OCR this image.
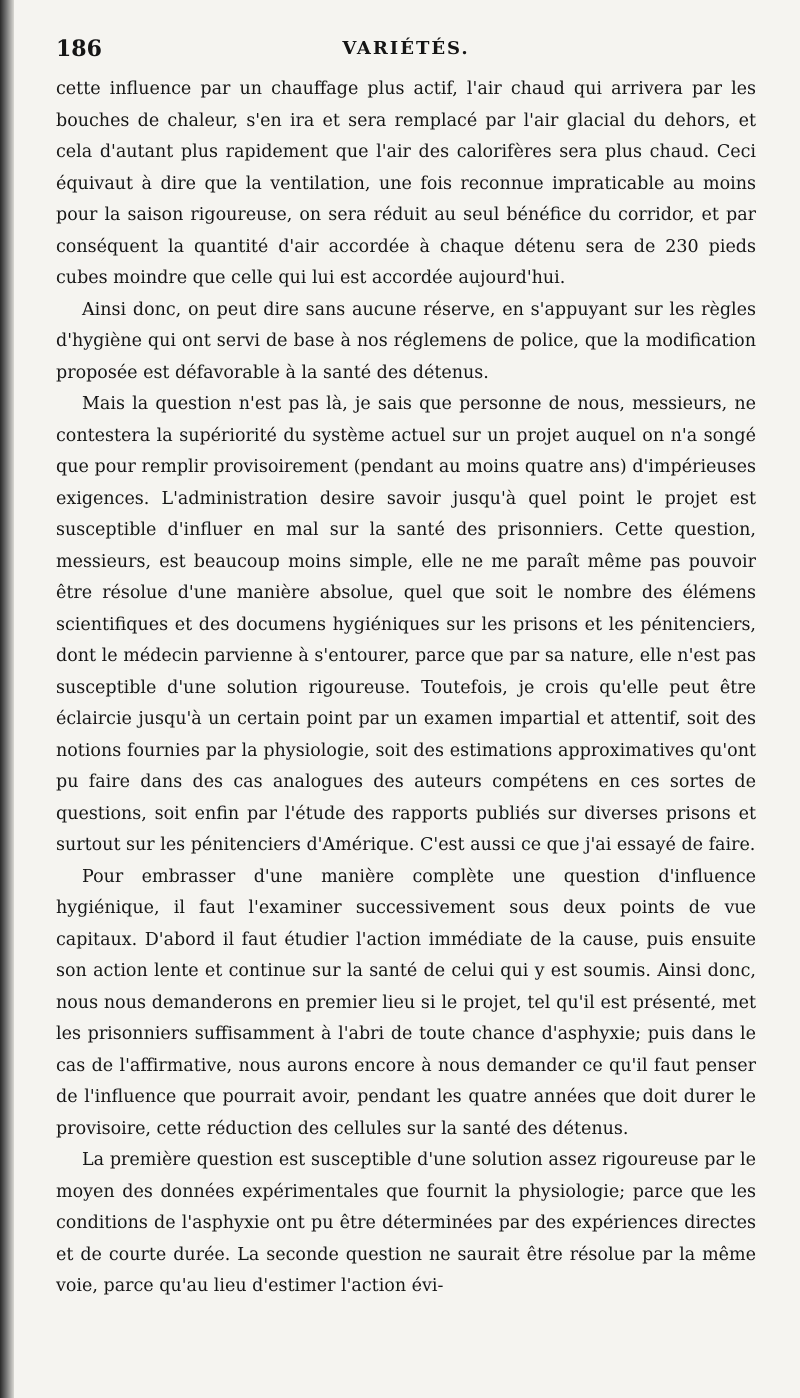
186	VARIÉTÉS.

cette influence par un chauffage plus actif, l'air chaud qui arrivera par les bouches de chaleur, s'en ira et sera remplacé par l'air glacial du dehors, et cela d'autant plus rapidement que l'air des calorifères sera plus chaud. Ceci équivaut à dire que la ventilation, une fois reconnue impraticable au moins pour la saison rigoureuse, on sera réduit au seul bénéfice du corridor, et par conséquent la quantité d'air accordée à chaque détenu sera de 230 pieds cubes moindre que celle qui lui est accordée aujourd'hui.

Ainsi donc, on peut dire sans aucune réserve, en s'appuyant sur les règles d'hygiène qui ont servi de base à nos réglemens de police, que la modification proposée est défavorable à la santé des détenus.

Mais la question n'est pas là, je sais que personne de nous, messieurs, ne contestera la supériorité du système actuel sur un projet auquel on n'a songé que pour remplir provisoirement (pendant au moins quatre ans) d'impérieuses exigences. L'administration desire savoir jusqu'à quel point le projet est susceptible d'influer en mal sur la santé des prisonniers. Cette question, messieurs, est beaucoup moins simple, elle ne me paraît même pas pouvoir être résolue d'une manière absolue, quel que soit le nombre des élémens scientifiques et des documens hygiéniques sur les prisons et les pénitenciers, dont le médecin parvienne à s'entourer, parce que par sa nature, elle n'est pas susceptible d'une solution rigoureuse. Toutefois, je crois qu'elle peut être éclaircie jusqu'à un certain point par un examen impartial et attentif, soit des notions fournies par la physiologie, soit des estimations approximatives qu'ont pu faire dans des cas analogues des auteurs compétens en ces sortes de questions, soit enfin par l'étude des rapports publiés sur diverses prisons et surtout sur les pénitenciers d'Amérique. C'est aussi ce que j'ai essayé de faire.

Pour embrasser d'une manière complète une question d'influence hygiénique, il faut l'examiner successivement sous deux points de vue capitaux. D'abord il faut étudier l'action immédiate de la cause, puis ensuite son action lente et continue sur la santé de celui qui y est soumis. Ainsi donc, nous nous demanderons en premier lieu si le projet, tel qu'il est présenté, met les prisonniers suffisamment à l'abri de toute chance d'asphyxie; puis dans le cas de l'affirmative, nous aurons encore à nous demander ce qu'il faut penser de l'influence que pourrait avoir, pendant les quatre années que doit durer le provisoire, cette réduction des cellules sur la santé des détenus.

La première question est susceptible d'une solution assez rigoureuse par le moyen des données expérimentales que fournit la physiologie; parce que les conditions de l'asphyxie ont pu être déterminées par des expériences directes et de courte durée. La seconde question ne saurait être résolue par la même voie, parce qu'au lieu d'estimer l'action évi-
